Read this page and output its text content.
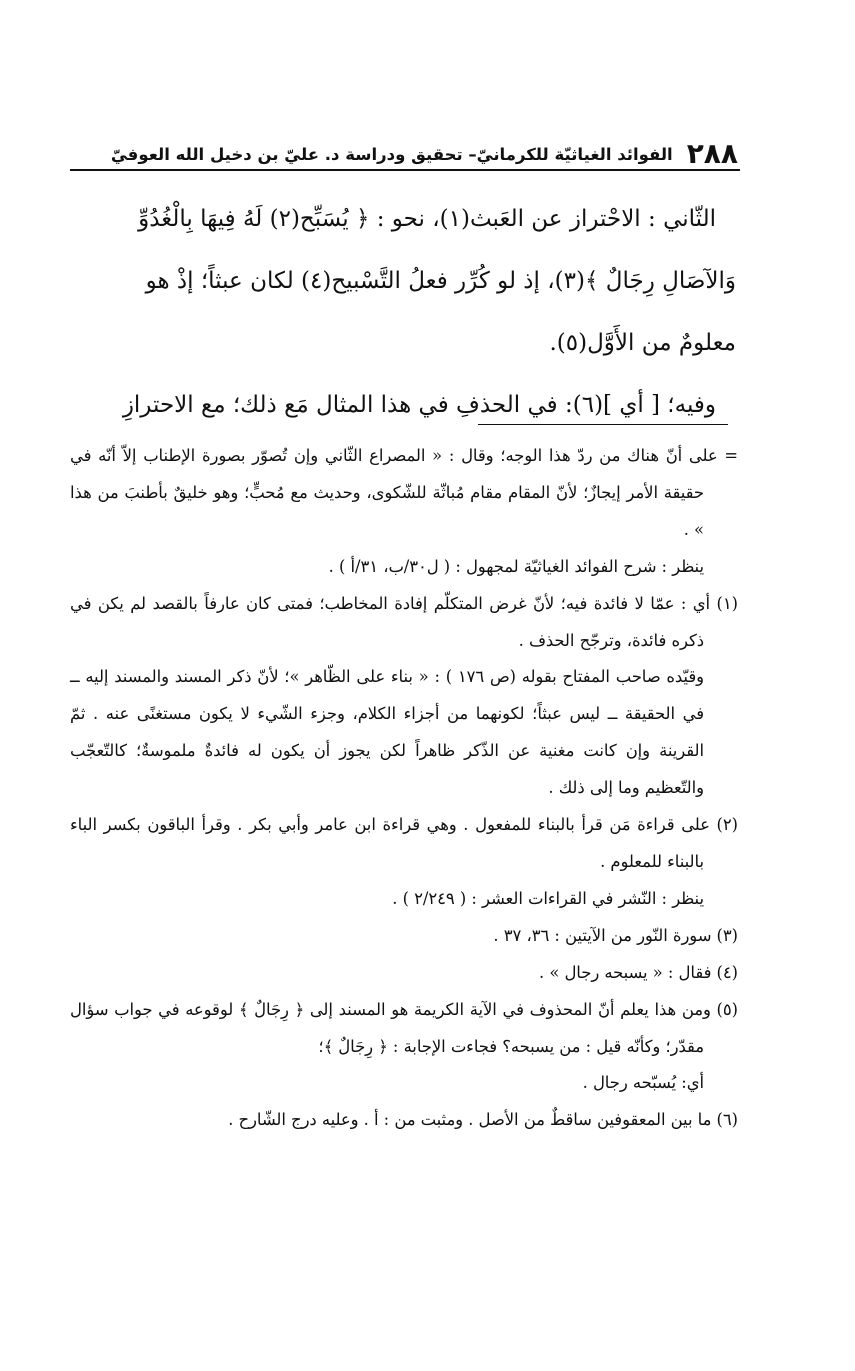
٢٨٨
الفوائد الغياثيّة للكرمانيّ– تحقيق ودراسة د. عليّ بن دخيل الله العوفيّ

الثّاني : الاحْتراز عن العَبث(١)، نحو : ﴿ يُسَبِّح(٢) لَهُ فِيهَا بِالْغُدُوِّ

وَالآصَالِ رِجَالٌ ﴾(٣)، إذ لو كُرِّر فعلُ التَّسْبيح(٤) لكان عبثاً؛ إذْ هو

معلومٌ من الأَوَّل(٥).

وفيه؛ [ أي ](٦): في الحذفِ في هذا المثال مَع ذلك؛ مع الاحترازِ

= على أنّ هناك من ردّ هذا الوجه؛ وقال : « المصراع الثّاني وإن تُصوّر بصورة الإطناب إلاّ أنّه في حقيقة الأمر إيجازٌ؛ لأنّ المقام مقام مُباثّة للشّكوى، وحديث مع مُحبٍّ؛ وهو خليقٌ بأطنبَ من هذا » .

ينظر : شرح الفوائد الغياثيّة لمجهول : ( ل٣٠/ب، ٣١/أ ) .

(١) أي : عمّا لا فائدة فيه؛ لأنّ غرض المتكلّم إفادة المخاطب؛ فمتى كان عارفاً بالقصد لم يكن في ذكره فائدة، وترجّح الحذف .

وقيّده صاحب المفتاح بقوله (ص ١٧٦ ) : « بناء على الظّاهر »؛ لأنّ ذكر المسند والمسند إليه ــ في الحقيقة ــ ليس عبثاً؛ لكونهما من أجزاء الكلام، وجزء الشّيء لا يكون مستغنًى عنه . ثمّ القرينة وإن كانت مغنية عن الذّكر ظاهراً لكن يجوز أن يكون له فائدةٌ ملموسةٌ؛ كالتّعجّب والتّعظيم وما إلى ذلك .

(٢) على قراءة مَن قرأ بالبناء للمفعول . وهي قراءة ابن عامر وأبي بكر . وقرأ الباقون بكسر الباء بالبناء للمعلوم .

ينظر : النّشر في القراءات العشر : ( ٢/٢٤٩ ) .

(٣) سورة النّور من الآيتين : ٣٦، ٣٧ .

(٤) فقال : « يسبحه رجال » .

(٥) ومن هذا يعلم أنّ المحذوف في الآية الكريمة هو المسند إلى ﴿ رِجَالٌ ﴾ لوقوعه في جواب سؤال مقدّر؛ وكأنّه قيل : من يسبحه؟ فجاءت الإجابة : ﴿ رِجَالٌ ﴾؛

أي: يُسبّحه رجال .

(٦) ما بين المعقوفين ساقطٌ من الأصل . ومثبت من : أ . وعليه درج الشّارح .
